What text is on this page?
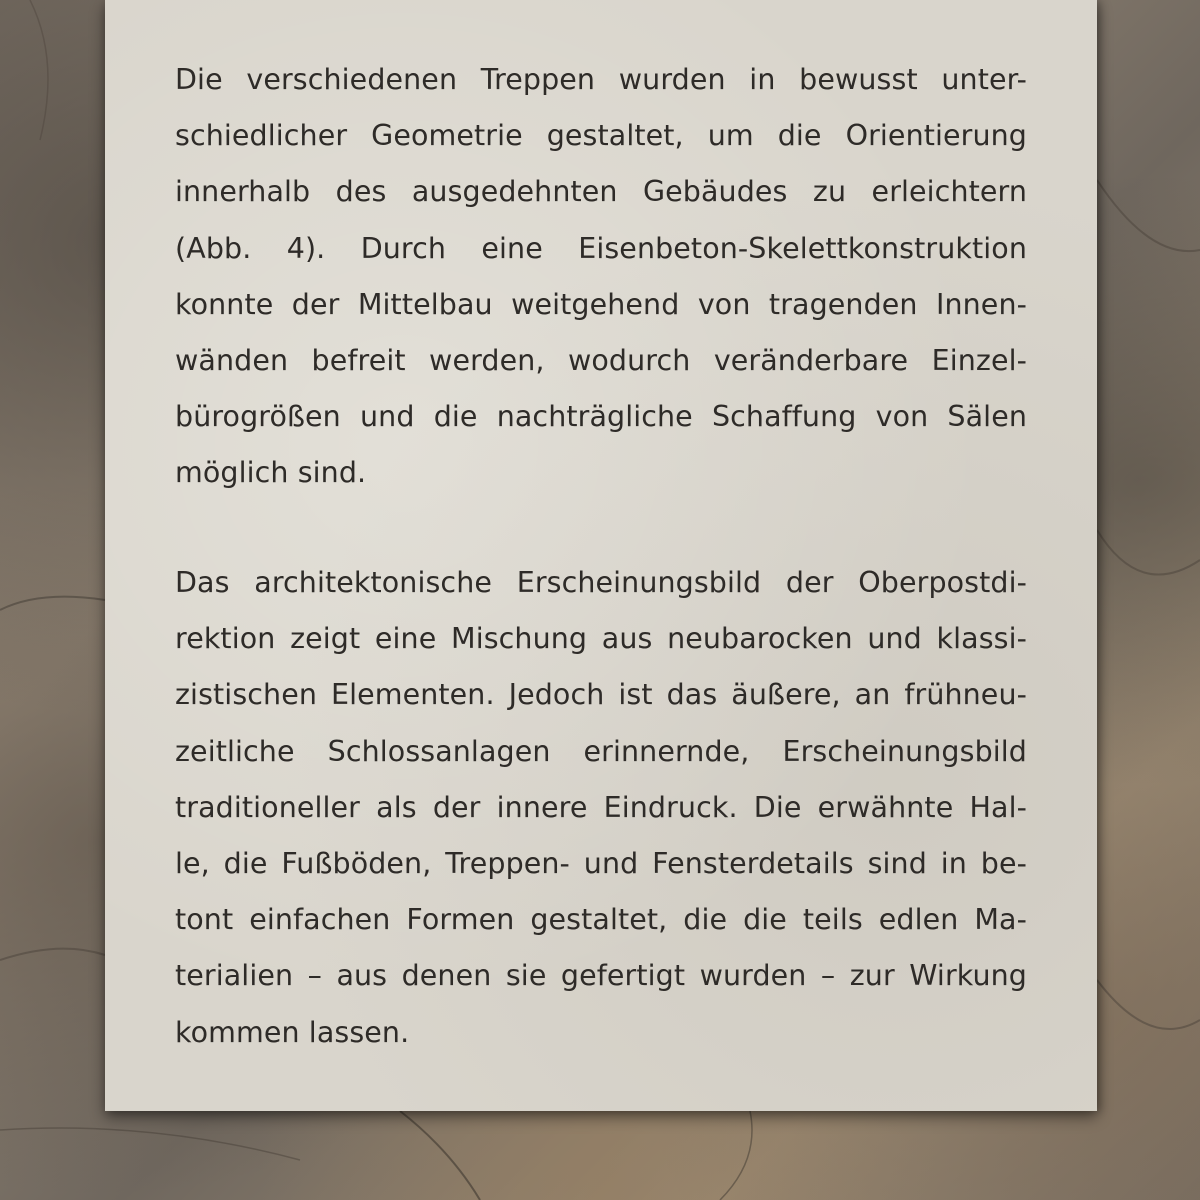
Die verschiedenen Treppen wurden in bewusst unter-
schiedlicher Geometrie gestaltet, um die Orientierung
innerhalb des ausgedehnten Gebäudes zu erleichtern
(Abb. 4). Durch eine Eisenbeton-Skelettkonstruktion
konnte der Mittelbau weitgehend von tragenden Innen-
wänden befreit werden, wodurch veränderbare Einzel-
bürogrößen und die nachträgliche Schaffung von Sälen
möglich sind.

Das architektonische Erscheinungsbild der Oberpostdi-
rektion zeigt eine Mischung aus neubarocken und klassi-
zistischen Elementen. Jedoch ist das äußere, an frühneu-
zeitliche Schlossanlagen erinnernde, Erscheinungsbild
traditioneller als der innere Eindruck. Die erwähnte Hal-
le, die Fußböden, Treppen- und Fensterdetails sind in be-
tont einfachen Formen gestaltet, die die teils edlen Ma-
terialien – aus denen sie gefertigt wurden – zur Wirkung
kommen lassen.
